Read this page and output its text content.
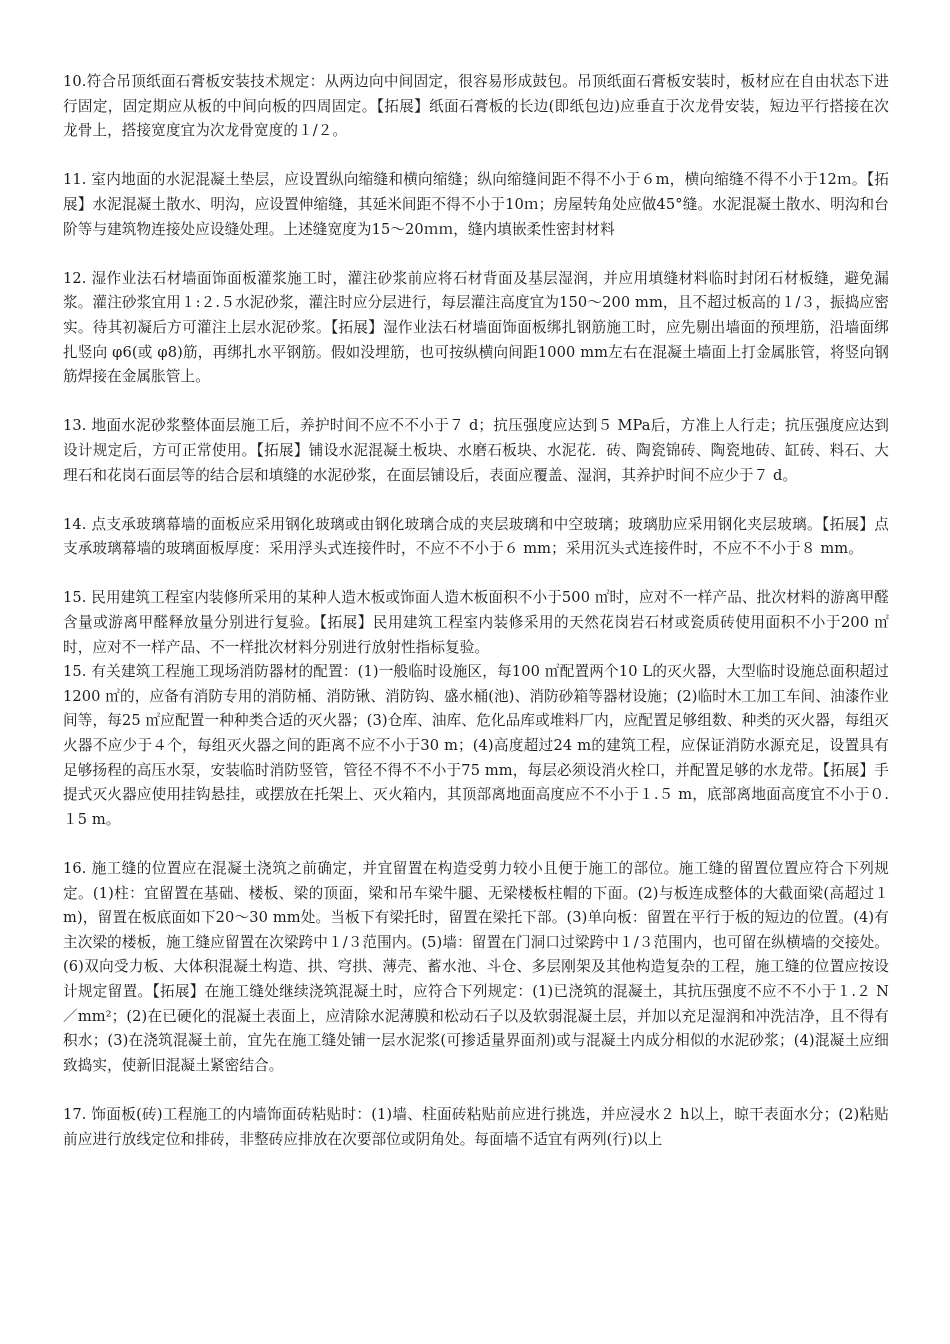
10.符合吊顶纸面石膏板安装技术规定：从两边向中间固定，很容易形成鼓包。吊顶纸面石膏板安装时，板材应在自由状态下进行固定，固定期应从板的中间向板的四周固定。【拓展】纸面石膏板的长边(即纸包边)应垂直于次龙骨安装，短边平行搭接在次龙骨上，搭接宽度宜为次龙骨宽度的１/２。

11. 室内地面的水泥混凝土垫层，应设置纵向缩缝和横向缩缝；纵向缩缝间距不得不小于６m，横向缩缝不得不小于12ｍ。【拓展】水泥混凝土散水、明沟，应设置伸缩缝，其延米间距不得不小于10ｍ；房屋转角处应做45°缝。水泥混凝土散水、明沟和台阶等与建筑物连接处应设缝处理。上述缝宽度为15～20ｍｍ，缝内填嵌柔性密封材料

12. 湿作业法石材墙面饰面板灌浆施工时，灌注砂浆前应将石材背面及基层湿润，并应用填缝材料临时封闭石材板缝，避免漏浆。灌注砂浆宜用１:２.５水泥砂浆，灌注时应分层进行，每层灌注高度宜为150～200 mm，且不超过板高的１/３，振捣应密实。待其初凝后方可灌注上层水泥砂浆。【拓展】湿作业法石材墙面饰面板绑扎钢筋施工时，应先剔出墙面的预埋筋，沿墙面绑扎竖向 φ6(或 φ8)筋，再绑扎水平钢筋。假如没埋筋，也可按纵横向间距1000 mm左右在混凝土墙面上打金属胀管，将竖向钢筋焊接在金属胀管上。

13. 地面水泥砂浆整体面层施工后，养护时间不应不不小于７ d；抗压强度应达到５ MPa后，方准上人行走；抗压强度应达到设计规定后，方可正常使用。【拓展】铺设水泥混凝土板块、水磨石板块、水泥花．砖、陶瓷锦砖、陶瓷地砖、缸砖、料石、大理石和花岗石面层等的结合层和填缝的水泥砂浆，在面层铺设后，表面应覆盖、湿润，其养护时间不应少于７ d。

14. 点支承玻璃幕墙的面板应采用钢化玻璃或由钢化玻璃合成的夹层玻璃和中空玻璃；玻璃肋应采用钢化夹层玻璃。【拓展】点支承玻璃幕墙的玻璃面板厚度：采用浮头式连接件时，不应不不小于６ mm；采用沉头式连接件时，不应不不小于８ mm。

15. 民用建筑工程室内装修所采用的某种人造木板或饰面人造木板面积不小于500 ㎡时，应对不一样产品、批次材料的游离甲醛含量或游离甲醛释放量分别进行复验。【拓展】民用建筑工程室内装修采用的天然花岗岩石材或瓷质砖使用面积不小于200 ㎡时，应对不一样产品、不一样批次材料分别进行放射性指标复验。

15. 有关建筑工程施工现场消防器材的配置：(1)一般临时设施区，每100 ㎡配置两个10 L的灭火器，大型临时设施总面积超过1200 ㎡的，应备有消防专用的消防桶、消防锹、消防钩、盛水桶(池)、消防砂箱等器材设施；(2)临时木工加工车间、油漆作业间等，每25 ㎡应配置一种种类合适的灭火器；(3)仓库、油库、危化品库或堆料厂内，应配置足够组数、种类的灭火器，每组灭火器不应少于４个，每组灭火器之间的距离不应不小于30 m；(4)高度超过24 m的建筑工程，应保证消防水源充足，设置具有足够扬程的高压水泵，安装临时消防竖管，管径不得不不小于75 mm，每层必须设消火栓口，并配置足够的水龙带。【拓展】手提式灭火器应使用挂钩悬挂，或摆放在托架上、灭火箱内，其顶部离地面高度应不不小于１.５ m，底部离地面高度宜不小于０.１5 m。

16. 施工缝的位置应在混凝土浇筑之前确定，并宜留置在构造受剪力较小且便于施工的部位。施工缝的留置位置应符合下列规定。(1)柱：宜留置在基础、楼板、梁的顶面，梁和吊车梁牛腿、无梁楼板柱帽的下面。(2)与板连成整体的大截面梁(高超过１ m)，留置在板底面如下20～30 mm处。当板下有梁托时，留置在梁托下部。(3)单向板：留置在平行于板的短边的位置。(4)有主次梁的楼板，施工缝应留置在次梁跨中１/３范围内。(5)墙：留置在门洞口过梁跨中１/３范围内，也可留在纵横墙的交接处。(6)双向受力板、大体积混凝土构造、拱、穹拱、薄壳、蓄水池、斗仓、多层刚架及其他构造复杂的工程，施工缝的位置应按设计规定留置。【拓展】在施工缝处继续浇筑混凝土时，应符合下列规定：(1)已浇筑的混凝土，其抗压强度不应不不小于１.２ N／mm²；(2)在已硬化的混凝土表面上，应清除水泥薄膜和松动石子以及软弱混凝土层，并加以充足湿润和冲洗洁净，且不得有积水；(3)在浇筑混凝土前，宜先在施工缝处铺一层水泥浆(可掺适量界面剂)或与混凝土内成分相似的水泥砂浆；(4)混凝土应细致捣实，使新旧混凝土紧密结合。

17. 饰面板(砖)工程施工的内墙饰面砖粘贴时：(1)墙、柱面砖粘贴前应进行挑选，并应浸水２ h以上，晾干表面水分；(2)粘贴前应进行放线定位和排砖，非整砖应排放在次要部位或阴角处。每面墙不适宜有两列(行)以上
